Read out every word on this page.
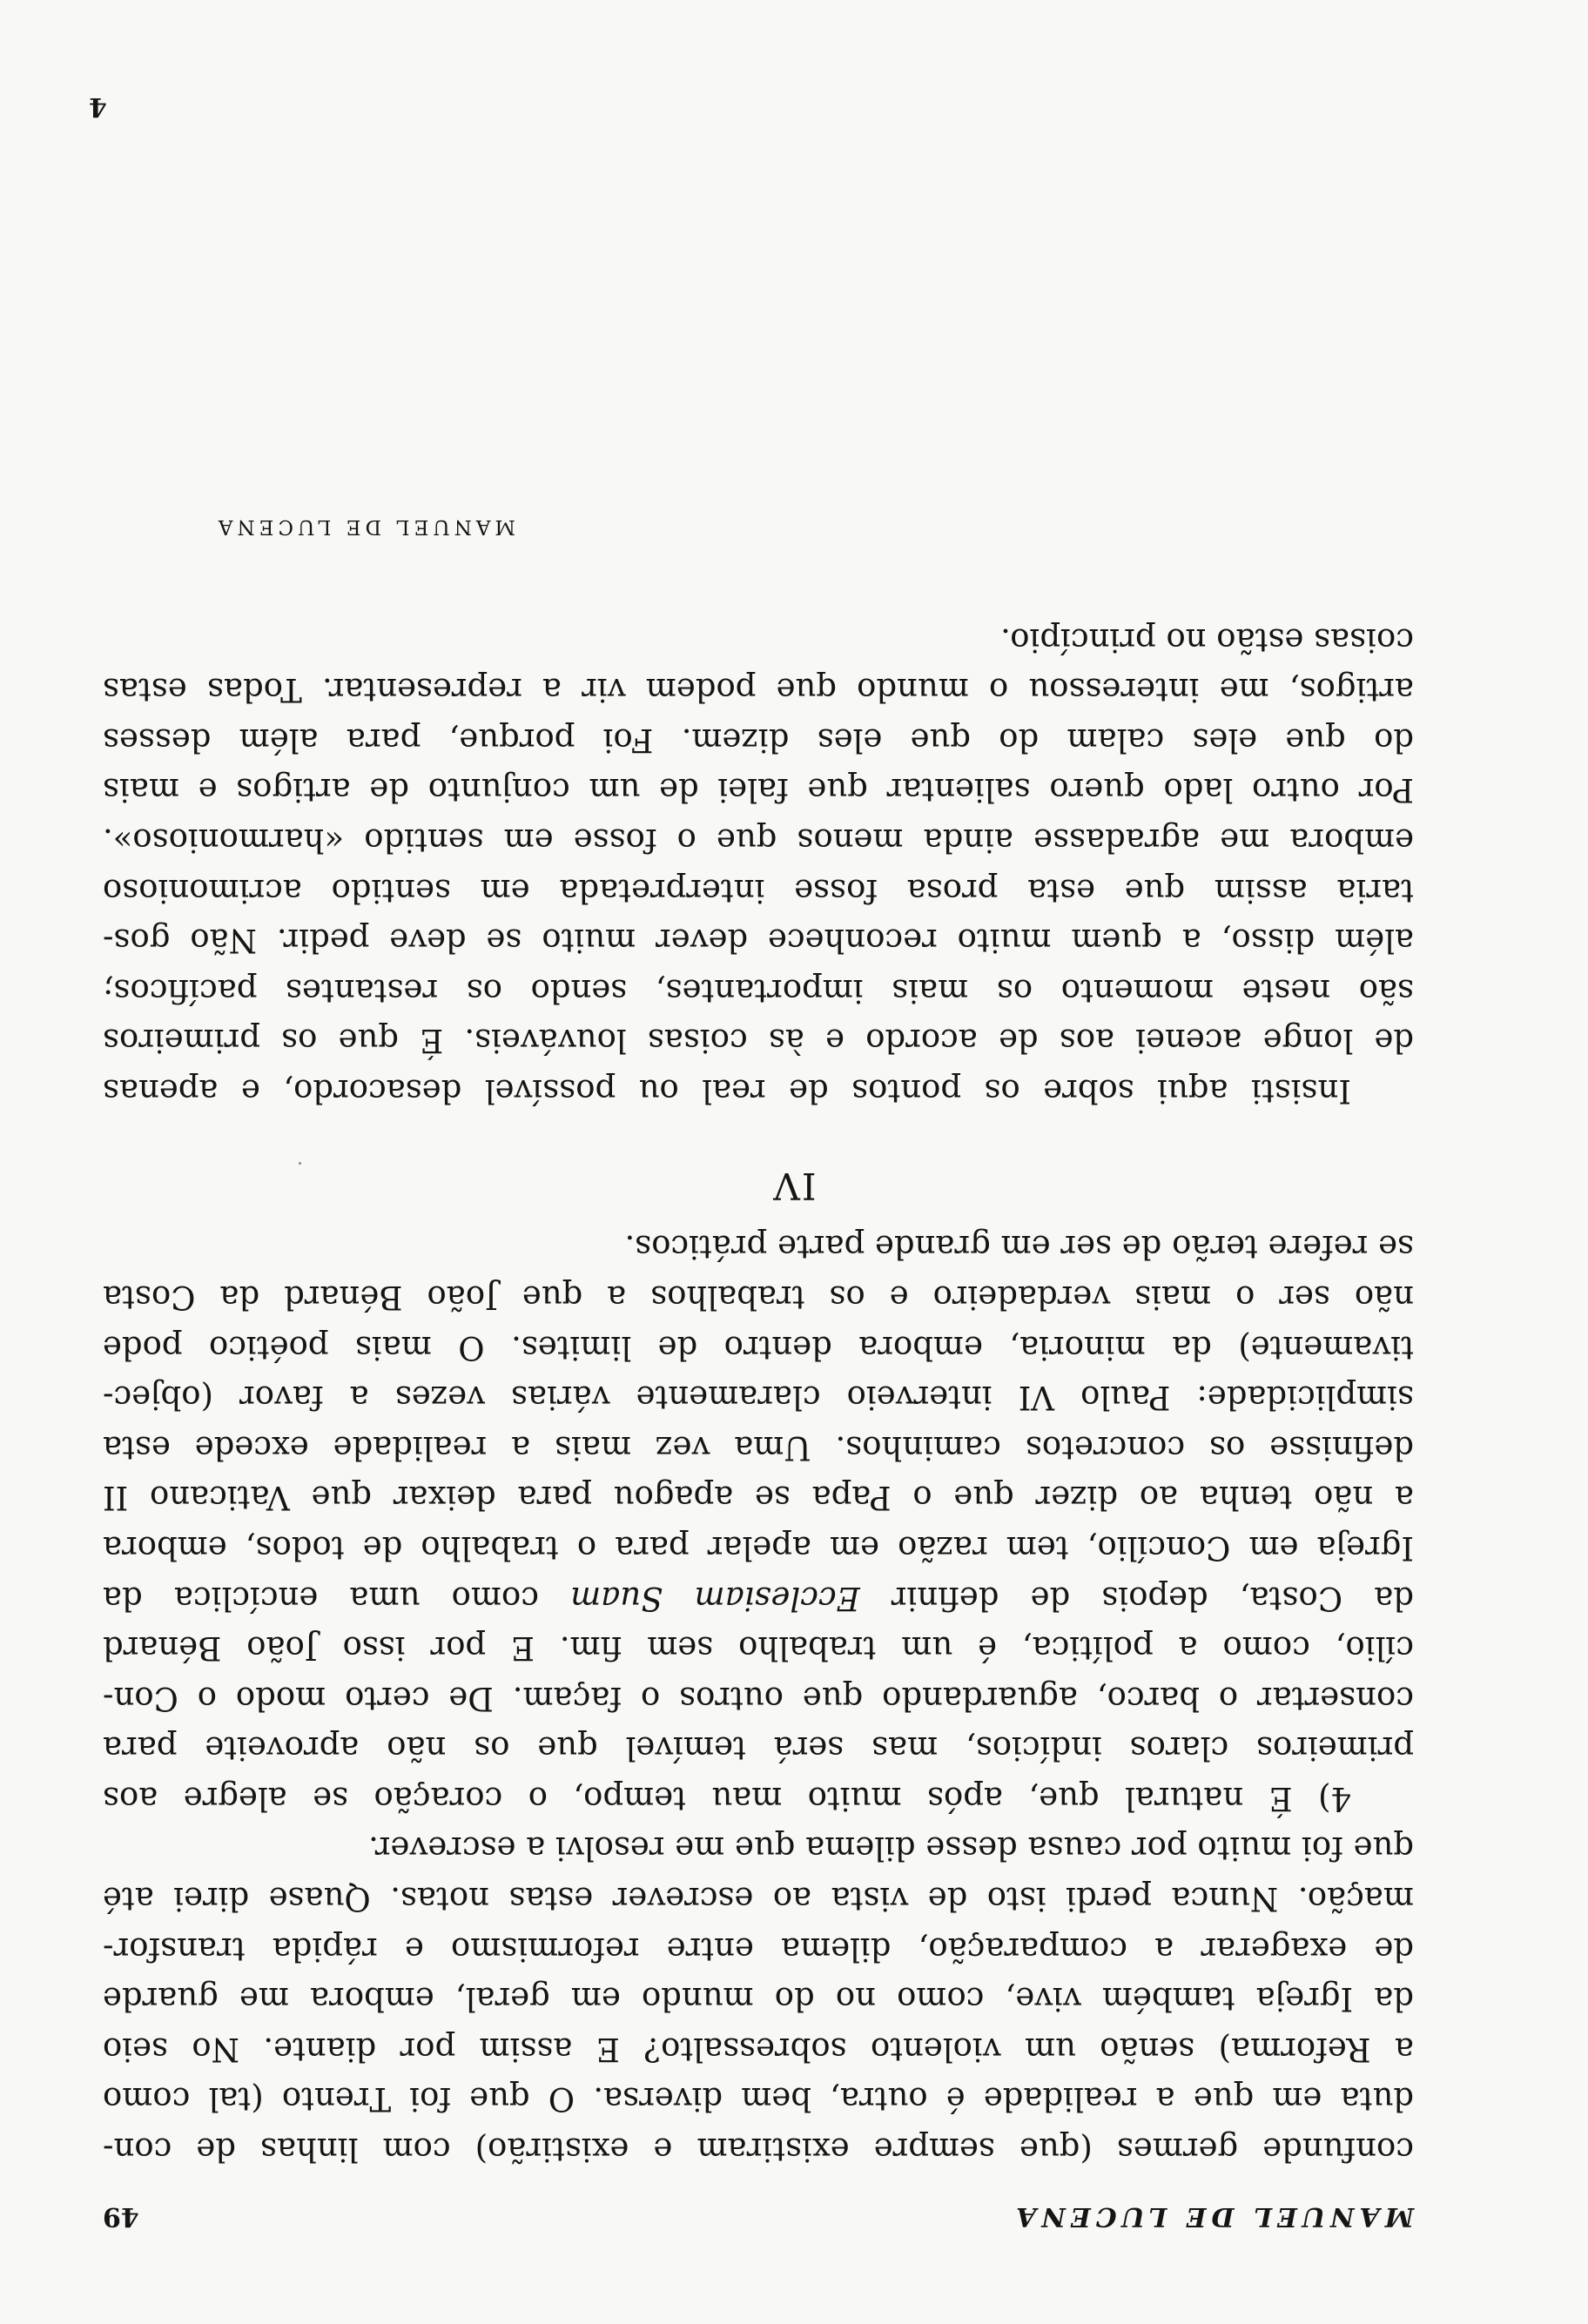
MANUEL DE LUCENA
49
confunde germes (que sempre existiram e existirão) com linhas de con-
duta em que a realidade é outra, bem diversa. O que foi Trento (tal como
a Reforma) senão um violento sobressalto? E assim por diante. No seio
da Igreja também vive, como no do mundo em geral, embora me guarde
de exagerar a comparação, dilema entre reformismo e rápida transfor-
mação. Nunca perdi isto de vista ao escrever estas notas. Quase direi até
que foi muito por causa desse dilema que me resolvi a escrever.
4) É natural que, após muito mau tempo, o coração se alegre aos
primeiros claros indícios, mas será temível que os não aproveite para
consertar o barco, aguardando que outros o façam. De certo modo o Con-
cílio, como a política, é um trabalho sem fim. E por isso João Bénard
da Costa, depois de definir Ecclesiam Suam como uma encíclica da
Igreja em Concílio, tem razão em apelar para o trabalho de todos, embora
a não tenha ao dizer que o Papa se apagou para deixar que Vaticano II
definisse os concretos caminhos. Uma vez mais a realidade excede esta
simplicidade: Paulo VI interveio claramente várias vezes a favor (objec-
tivamente) da minoria, embora dentro de limites. O mais poético pode
não ser o mais verdadeiro e os trabalhos a que João Bénard da Costa
se refere terão de ser em grande parte práticos.
IV
Insisti aqui sobre os pontos de real ou possível desacordo, e apenas
de longe acenei aos de acordo e às coisas louváveis. É que os primeiros
são neste momento os mais importantes, sendo os restantes pacíficos;
além disso, a quem muito reconhece dever muito se deve pedir. Não gos-
taria assim que esta prosa fosse interpretada em sentido acrimonioso
embora me agradasse ainda menos que o fosse em sentido «harmonioso».
Por outro lado quero salientar que falei de um conjunto de artigos e mais
do que eles calam do que eles dizem. Foi porque, para além desses
artigos, me interessou o mundo que podem vir a representar. Todas estas
coisas estão no princípio.
MANUEL DE LUCENA
4
